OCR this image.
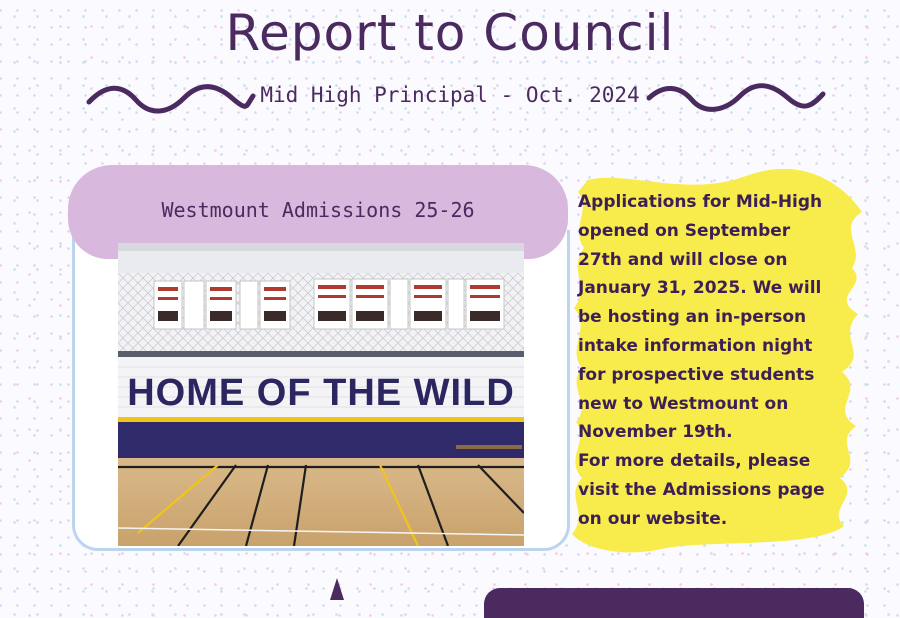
Report to Council
Mid High Principal - Oct. 2024
Westmount Admissions 25-26
HOME OF THE WILD
Applications for Mid-High
opened on September
27th and will close on
January 31, 2025. We will
be hosting an in-person
intake information night
for prospective students
new to Westmount on
November 19th.
For more details, please
visit the Admissions page
on our website.
